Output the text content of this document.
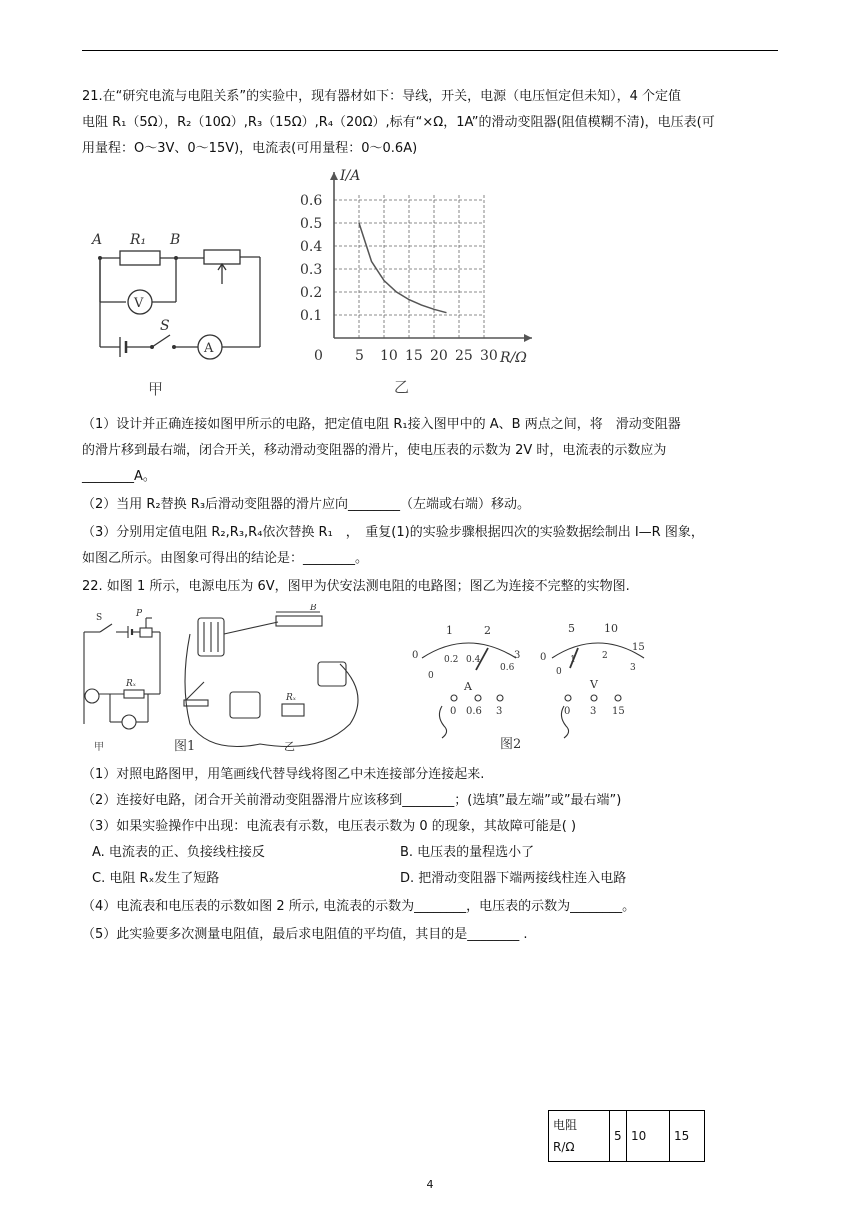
21.在“研究电流与电阻关系”的实验中，现有器材如下：导线，开关，电源（电压恒定但未知），4 个定值
电阻 R₁（5Ω），R₂（10Ω）,R₃（15Ω）,R₄（20Ω）,标有“×Ω，1A”的滑动变阻器(阻值模糊不清)，电压表(可
用量程：O～3V、0～15V)，电流表(可用量程：0～0.6A)
A R₁ B
V
S
A
甲
0 5 10 15 20 25 30
0.1
0.2
0.3
0.4
0.5
0.6
I/A
R/Ω
乙
（1）设计并正确连接如图甲所示的电路，把定值电阻 R₁接入图甲中的 A、B 两点之间，将　滑动变阻器
的滑片移到最右端，闭合开关，移动滑动变阻器的滑片，使电压表的示数为 2V 时，电流表的示数应为
________A。
（2）当用 R₂替换 R₃后滑动变阻器的滑片应向________（左端或右端）移动。
（3）分别用定值电阻 R₂,R₃,R₄依次替换 R₁　，　重复(1)的实验步骤根据四次的实验数据绘制出 I—R 图象，
如图乙所示。由图象可得出的结论是：________。
22. 如图 1 所示，电源电压为 6V，图甲为伏安法测电阻的电路图；图乙为连接不完整的实物图.
S	P
Rₓ
B
Rₓ
甲	图1	乙
1	2
0
0
0.2 0.4
0.6
3
A
0 0.6 3
5	10
0
0
1	2
3
15
V
0 3 15
图2
（1）对照电路图甲，用笔画线代替导线将图乙中未连接部分连接起来.
（2）连接好电路，闭合开关前滑动变阻器滑片应该移到________；(选填”最左端”或”最右端”)
（3）如果实验操作中出现：电流表有示数，电压表示数为 0 的现象，其故障可能是( )
A. 电流表的正、负接线柱接反	B. 电压表的量程选小了
C. 电阻 Rₓ发生了短路	D. 把滑动变阻器下端两接线柱连入电路
（4）电流表和电压表的示数如图 2 所示, 电流表的示数为________，电压表的示数为________。
（5）此实验要多次测量电阻值，最后求电阻值的平均值，其目的是________ .
电阻
R/Ω
	5	10	15
4
